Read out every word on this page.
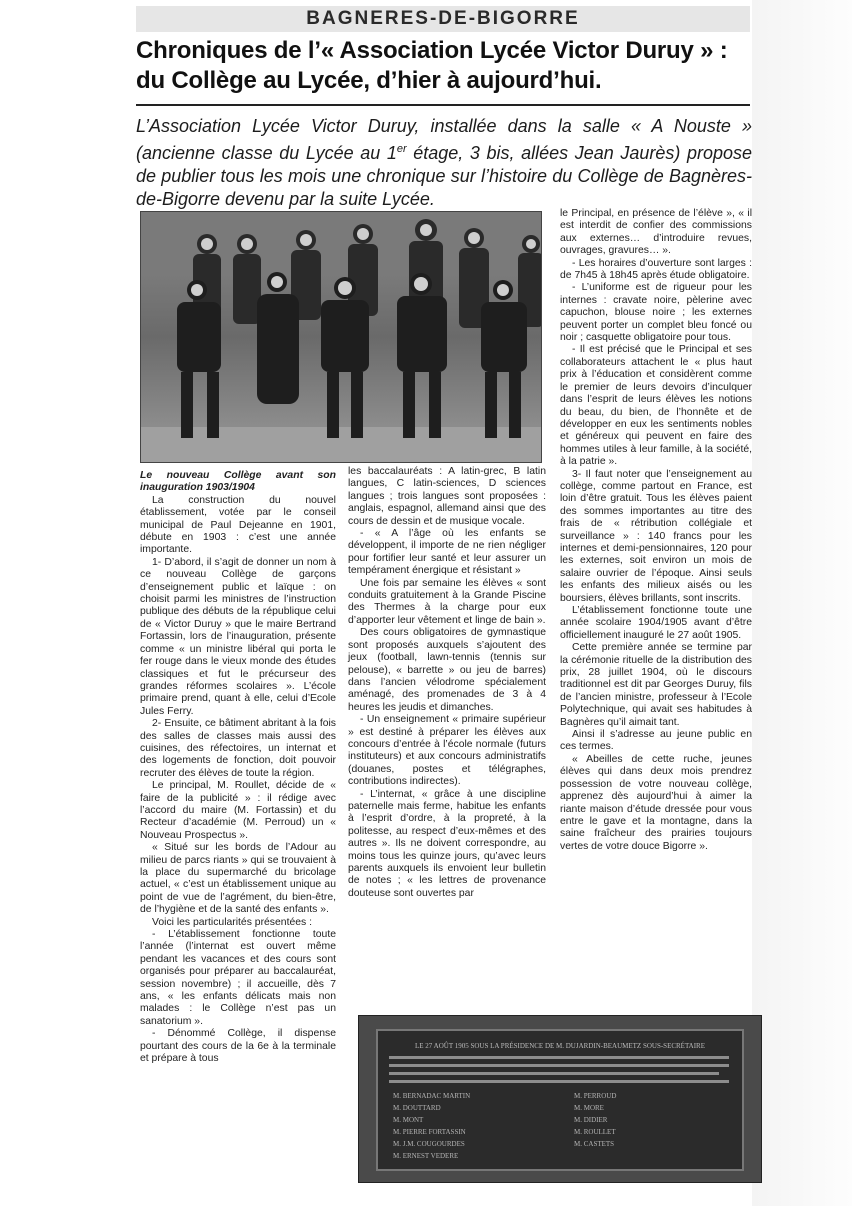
BAGNERES-DE-BIGORRE
Chroniques de l’« Association Lycée Victor Duruy » :
du Collège au Lycée, d’hier à aujourd’hui.
L’Association Lycée Victor Duruy, installée dans la salle « A Nouste » (ancienne classe du Lycée au 1er étage, 3 bis, allées Jean Jaurès) propose de publier tous les mois une chronique sur l’histoire du Collège de Bagnères-de-Bigorre devenu par la suite Lycée.

Le nouveau Collège avant son inauguration 1903/1904

La construction du nouvel établissement, votée par le conseil municipal de Paul Dejeanne en 1901, débute en 1903 : c’est une année importante.

1- D’abord, il s’agit de donner un nom à ce nouveau Collège de garçons d’enseignement public et laïque : on choisit parmi les ministres de l’instruction publique des débuts de la république celui de « Victor Duruy » que le maire Bertrand Fortassin, lors de l’inauguration, présente comme « un ministre libéral qui porta le fer rouge dans le vieux monde des études classiques et fut le précurseur des grandes réformes scolaires ». L’école primaire prend, quant à elle, celui d’Ecole Jules Ferry.

2- Ensuite, ce bâtiment abritant à la fois des salles de classes mais aussi des cuisines, des réfectoires, un internat et des logements de fonction, doit pouvoir recruter des élèves de toute la région.

Le principal, M. Roullet, décide de « faire de la publicité » : il rédige avec l’accord du maire (M. Fortassin) et du Recteur d’académie (M. Perroud) un « Nouveau Prospectus ».

« Situé sur les bords de l’Adour au milieu de parcs riants » qui se trouvaient à la place du supermarché du bricolage actuel, « c’est un établissement unique au point de vue de l’agrément, du bien-être, de l’hygiène et de la santé des enfants ».

Voici les particularités présentées :

- L’établissement fonctionne toute l’année (l’internat est ouvert même pendant les vacances et des cours sont organisés pour préparer au baccalauréat, session novembre) ; il accueille, dès 7 ans, « les enfants délicats mais non malades : le Collège n’est pas un sanatorium ».

- Dénommé Collège, il dispense pourtant des cours de la 6e à la terminale et prépare à tous

les baccalauréats : A latin-grec, B latin langues, C latin-sciences, D sciences langues ; trois langues sont proposées : anglais, espagnol, allemand ainsi que des cours de dessin et de musique vocale.

- « A l’âge où les enfants se développent, il importe de ne rien négliger pour fortifier leur santé et leur assurer un tempérament énergique et résistant »

Une fois par semaine les élèves « sont conduits gratuitement à la Grande Piscine des Thermes à la charge pour eux d’apporter leur vêtement et linge de bain ».

Des cours obligatoires de gymnastique sont proposés auxquels s’ajoutent des jeux (football, lawn-tennis (tennis sur pelouse), « barrette » ou jeu de barres) dans l’ancien vélodrome spécialement aménagé, des promenades de 3 à 4 heures les jeudis et dimanches.

- Un enseignement « primaire supérieur » est destiné à préparer les élèves aux concours d’entrée à l’école normale (futurs instituteurs) et aux concours administratifs (douanes, postes et télégraphes, contributions indirectes).

- L’internat, « grâce à une discipline paternelle mais ferme, habitue les enfants à l’esprit d’ordre, à la propreté, à la politesse, au respect d’eux-mêmes et des autres ». Ils ne doivent correspondre, au moins tous les quinze jours, qu’avec leurs parents auxquels ils envoient leur bulletin de notes ; « les lettres de provenance douteuse sont ouvertes par

le Principal, en présence de l’élève », « il est interdit de confier des commissions aux externes… d’introduire revues, ouvrages, gravures… ».

- Les horaires d’ouverture sont larges : de 7h45 à 18h45 après étude obligatoire.

- L’uniforme est de rigueur pour les internes : cravate noire, pèlerine avec capuchon, blouse noire ; les externes peuvent porter un complet bleu foncé ou noir ; casquette obligatoire pour tous.

- Il est précisé que le Principal et ses collaborateurs attachent le « plus haut prix à l’éducation et considèrent comme le premier de leurs devoirs d’inculquer dans l’esprit de leurs élèves les notions du beau, du bien, de l’honnête et de développer en eux les sentiments nobles et généreux qui peuvent en faire des hommes utiles à leur famille, à la société, à la patrie ».

3- Il faut noter que l’enseignement au collège, comme partout en France, est loin d’être gratuit. Tous les élèves paient des sommes importantes au titre des frais de « rétribution collégiale et surveillance » : 140 francs pour les internes et demi-pensionnaires, 120 pour les externes, soit environ un mois de salaire ouvrier de l’époque. Ainsi seuls les enfants des milieux aisés ou les boursiers, élèves brillants, sont inscrits.

L’établissement fonctionne toute une année scolaire 1904/1905 avant d’être officiellement inauguré le 27 août 1905.

Cette première année se termine par la cérémonie rituelle de la distribution des prix, 28 juillet 1904, où le discours traditionnel est dit par Georges Duruy, fils de l’ancien ministre, professeur à l’Ecole Polytechnique, qui avait ses habitudes à Bagnères qu’il aimait tant.

Ainsi il s’adresse au jeune public en ces termes.

« Abeilles de cette ruche, jeunes élèves qui dans deux mois prendrez possession de votre nouveau collège, apprenez dès aujourd’hui à aimer la riante maison d’étude dressée pour vous entre le gave et la montagne, dans la saine fraîcheur des prairies toujours vertes de votre douce Bigorre ».

LE 27 AOÛT 1905 SOUS LA PRÉSIDENCE DE M. DUJARDIN-BEAUMETZ SOUS-SECRÉTAIRE
M. BERNADAC MARTIN
M. DOUTTARD
M. MONT
M. PIERRE FORTASSIN
M. J.M. COUGOURDES
M. ERNEST VEDERE
M. PERROUD
M. MORE
M. DIDIER
M. ROULLET
M. CASTETS
